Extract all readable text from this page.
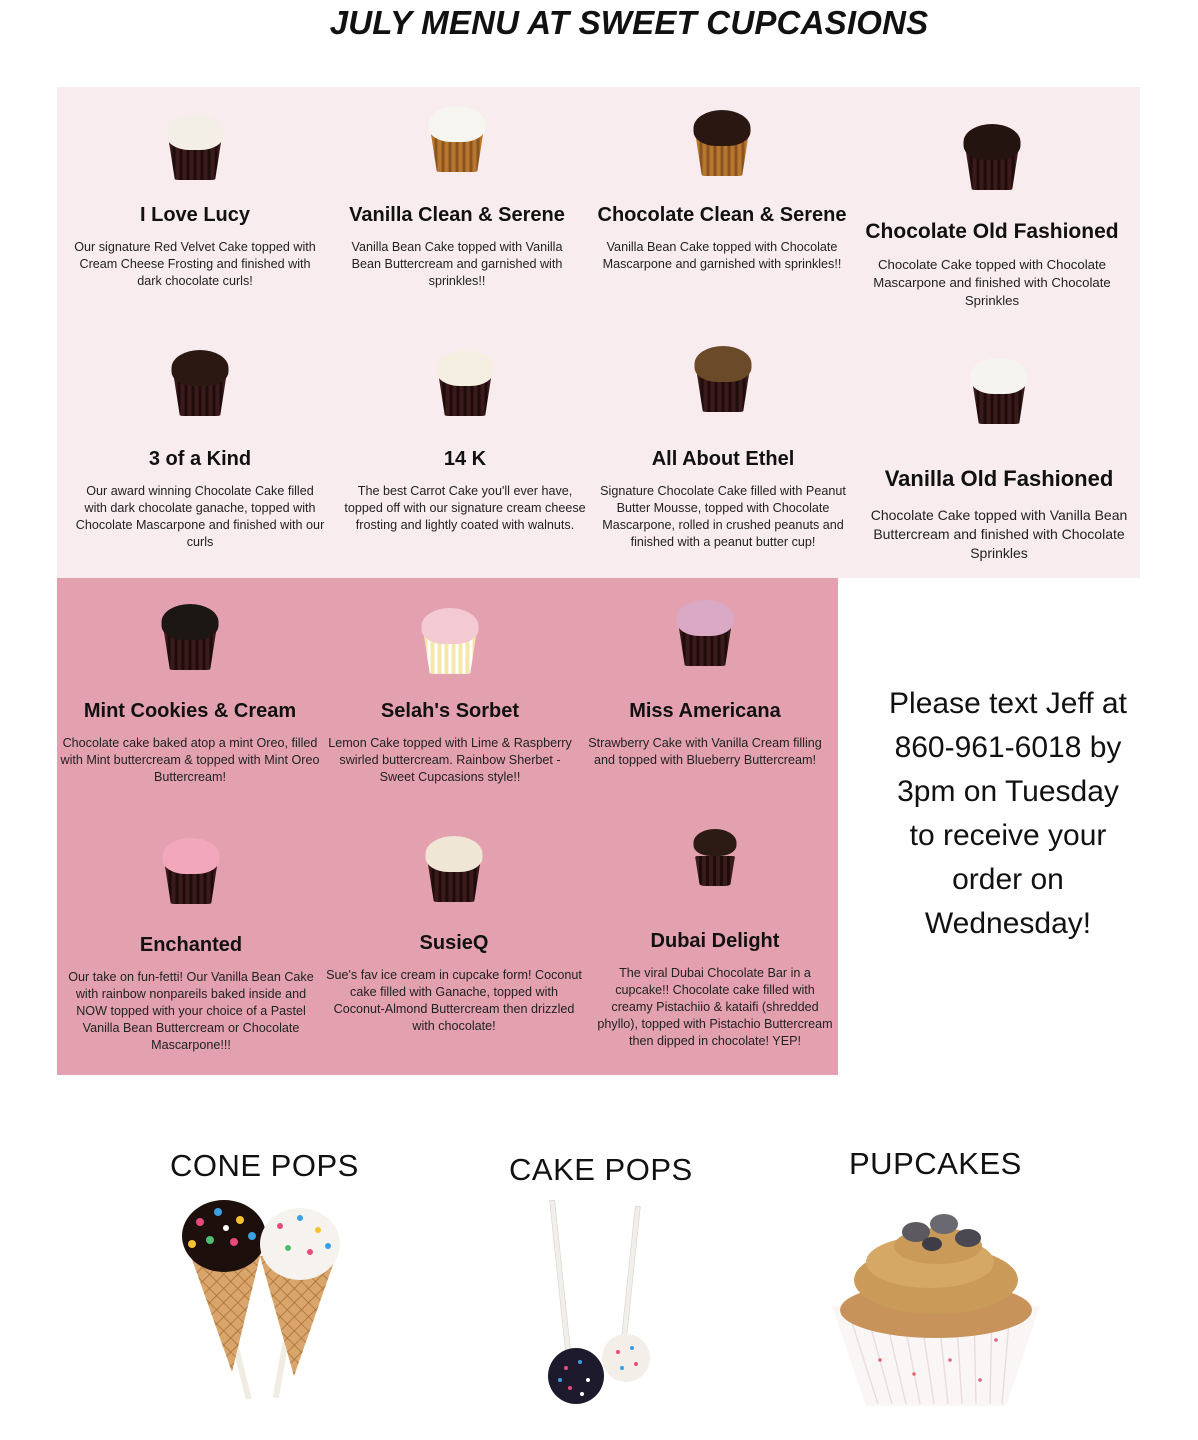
JULY MENU AT SWEET CUPCASIONS
I Love Lucy
Our signature Red Velvet Cake topped with Cream Cheese Frosting and finished with dark chocolate curls!
Vanilla Clean & Serene
Vanilla Bean Cake topped with Vanilla Bean Buttercream and garnished with sprinkles!!
Chocolate Clean & Serene
Vanilla Bean Cake topped with Chocolate Mascarpone and garnished with sprinkles!!
Chocolate Old Fashioned
Chocolate Cake topped with Chocolate Mascarpone and finished with Chocolate Sprinkles
3 of a Kind
Our award winning Chocolate Cake filled with dark chocolate ganache, topped with Chocolate Mascarpone and finished with our curls
14 K
The best Carrot Cake you'll ever have, topped off with our signature cream cheese frosting and lightly coated with walnuts.
All About Ethel
Signature Chocolate Cake filled with Peanut Butter Mousse, topped with Chocolate Mascarpone, rolled in crushed peanuts and finished with a peanut butter cup!
Vanilla Old Fashioned
Chocolate Cake topped with Vanilla Bean Buttercream and finished with Chocolate Sprinkles
Mint Cookies & Cream
Chocolate cake baked atop a mint Oreo, filled with Mint buttercream & topped with Mint Oreo Buttercream!
Selah's Sorbet
Lemon Cake topped with Lime & Raspberry swirled buttercream. Rainbow Sherbet - Sweet Cupcasions style!!
Miss Americana
Strawberry Cake with Vanilla Cream filling and topped with Blueberry Buttercream!
Enchanted
Our take on fun-fetti! Our Vanilla Bean Cake with rainbow nonpareils baked inside and NOW topped with your choice of a Pastel Vanilla Bean Buttercream or Chocolate Mascarpone!!!
SusieQ
Sue's fav ice cream in cupcake form! Coconut cake filled with Ganache, topped with Coconut-Almond Buttercream then drizzled with chocolate!
Dubai Delight
The viral Dubai Chocolate Bar in a cupcake!! Chocolate cake filled with creamy Pistachiio & kataifi (shredded phyllo), topped with Pistachio Buttercream then dipped in chocolate! YEP!
Please text Jeff at
860-961-6018 by
3pm on Tuesday
to receive your
order on
Wednesday!
CONE POPS	CAKE POPS	PUPCAKES
